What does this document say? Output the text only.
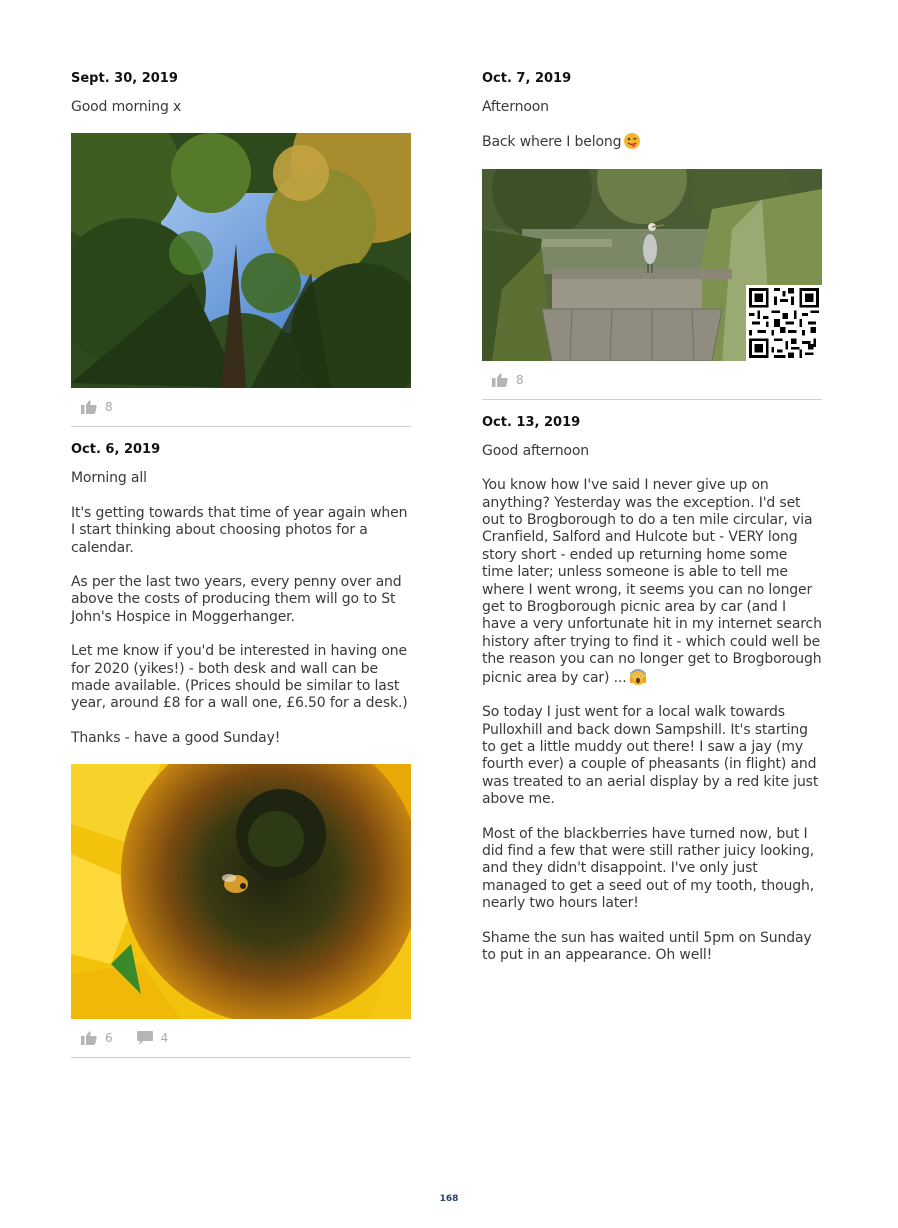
Sept. 30, 2019

Good morning x

8
Oct. 6, 2019

Morning all

It's getting towards that time of year again when I start thinking about choosing photos for a calendar.

As per the last two years, every penny over and above the costs of producing them will go to St John's Hospice in Moggerhanger.

Let me know if you'd be interested in having one for 2020 (yikes!) - both desk and wall can be made available. (Prices should be similar to last year, around £8 for a wall one, £6.50 for a desk.)

Thanks - have a good Sunday!

6	4
Oct. 7, 2019

Afternoon

Back where I belong

8
Oct. 13, 2019

Good afternoon

You know how I've said I never give up on anything? Yesterday was the exception. I'd set out to Brogborough to do a ten mile circular, via Cranfield, Salford and Hulcote but - VERY long story short - ended up returning home some time later; unless someone is able to tell me where I went wrong, it seems you can no longer get to Brogborough picnic area by car (and I have a very unfortunate hit in my internet search history after trying to find it - which could well be the reason you can no longer get to Brogborough picnic area by car) ...

So today I just went for a local walk towards Pulloxhill and back down Sampshill. It's starting to get a little muddy out there! I saw a jay (my fourth ever) a couple of pheasants (in flight) and was treated to an aerial display by a red kite just above me.

Most of the blackberries have turned now, but I did find a few that were still rather juicy looking, and they didn't disappoint. I've only just managed to get a seed out of my tooth, though, nearly two hours later!

Shame the sun has waited until 5pm on Sunday to put in an appearance. Oh well!

168
